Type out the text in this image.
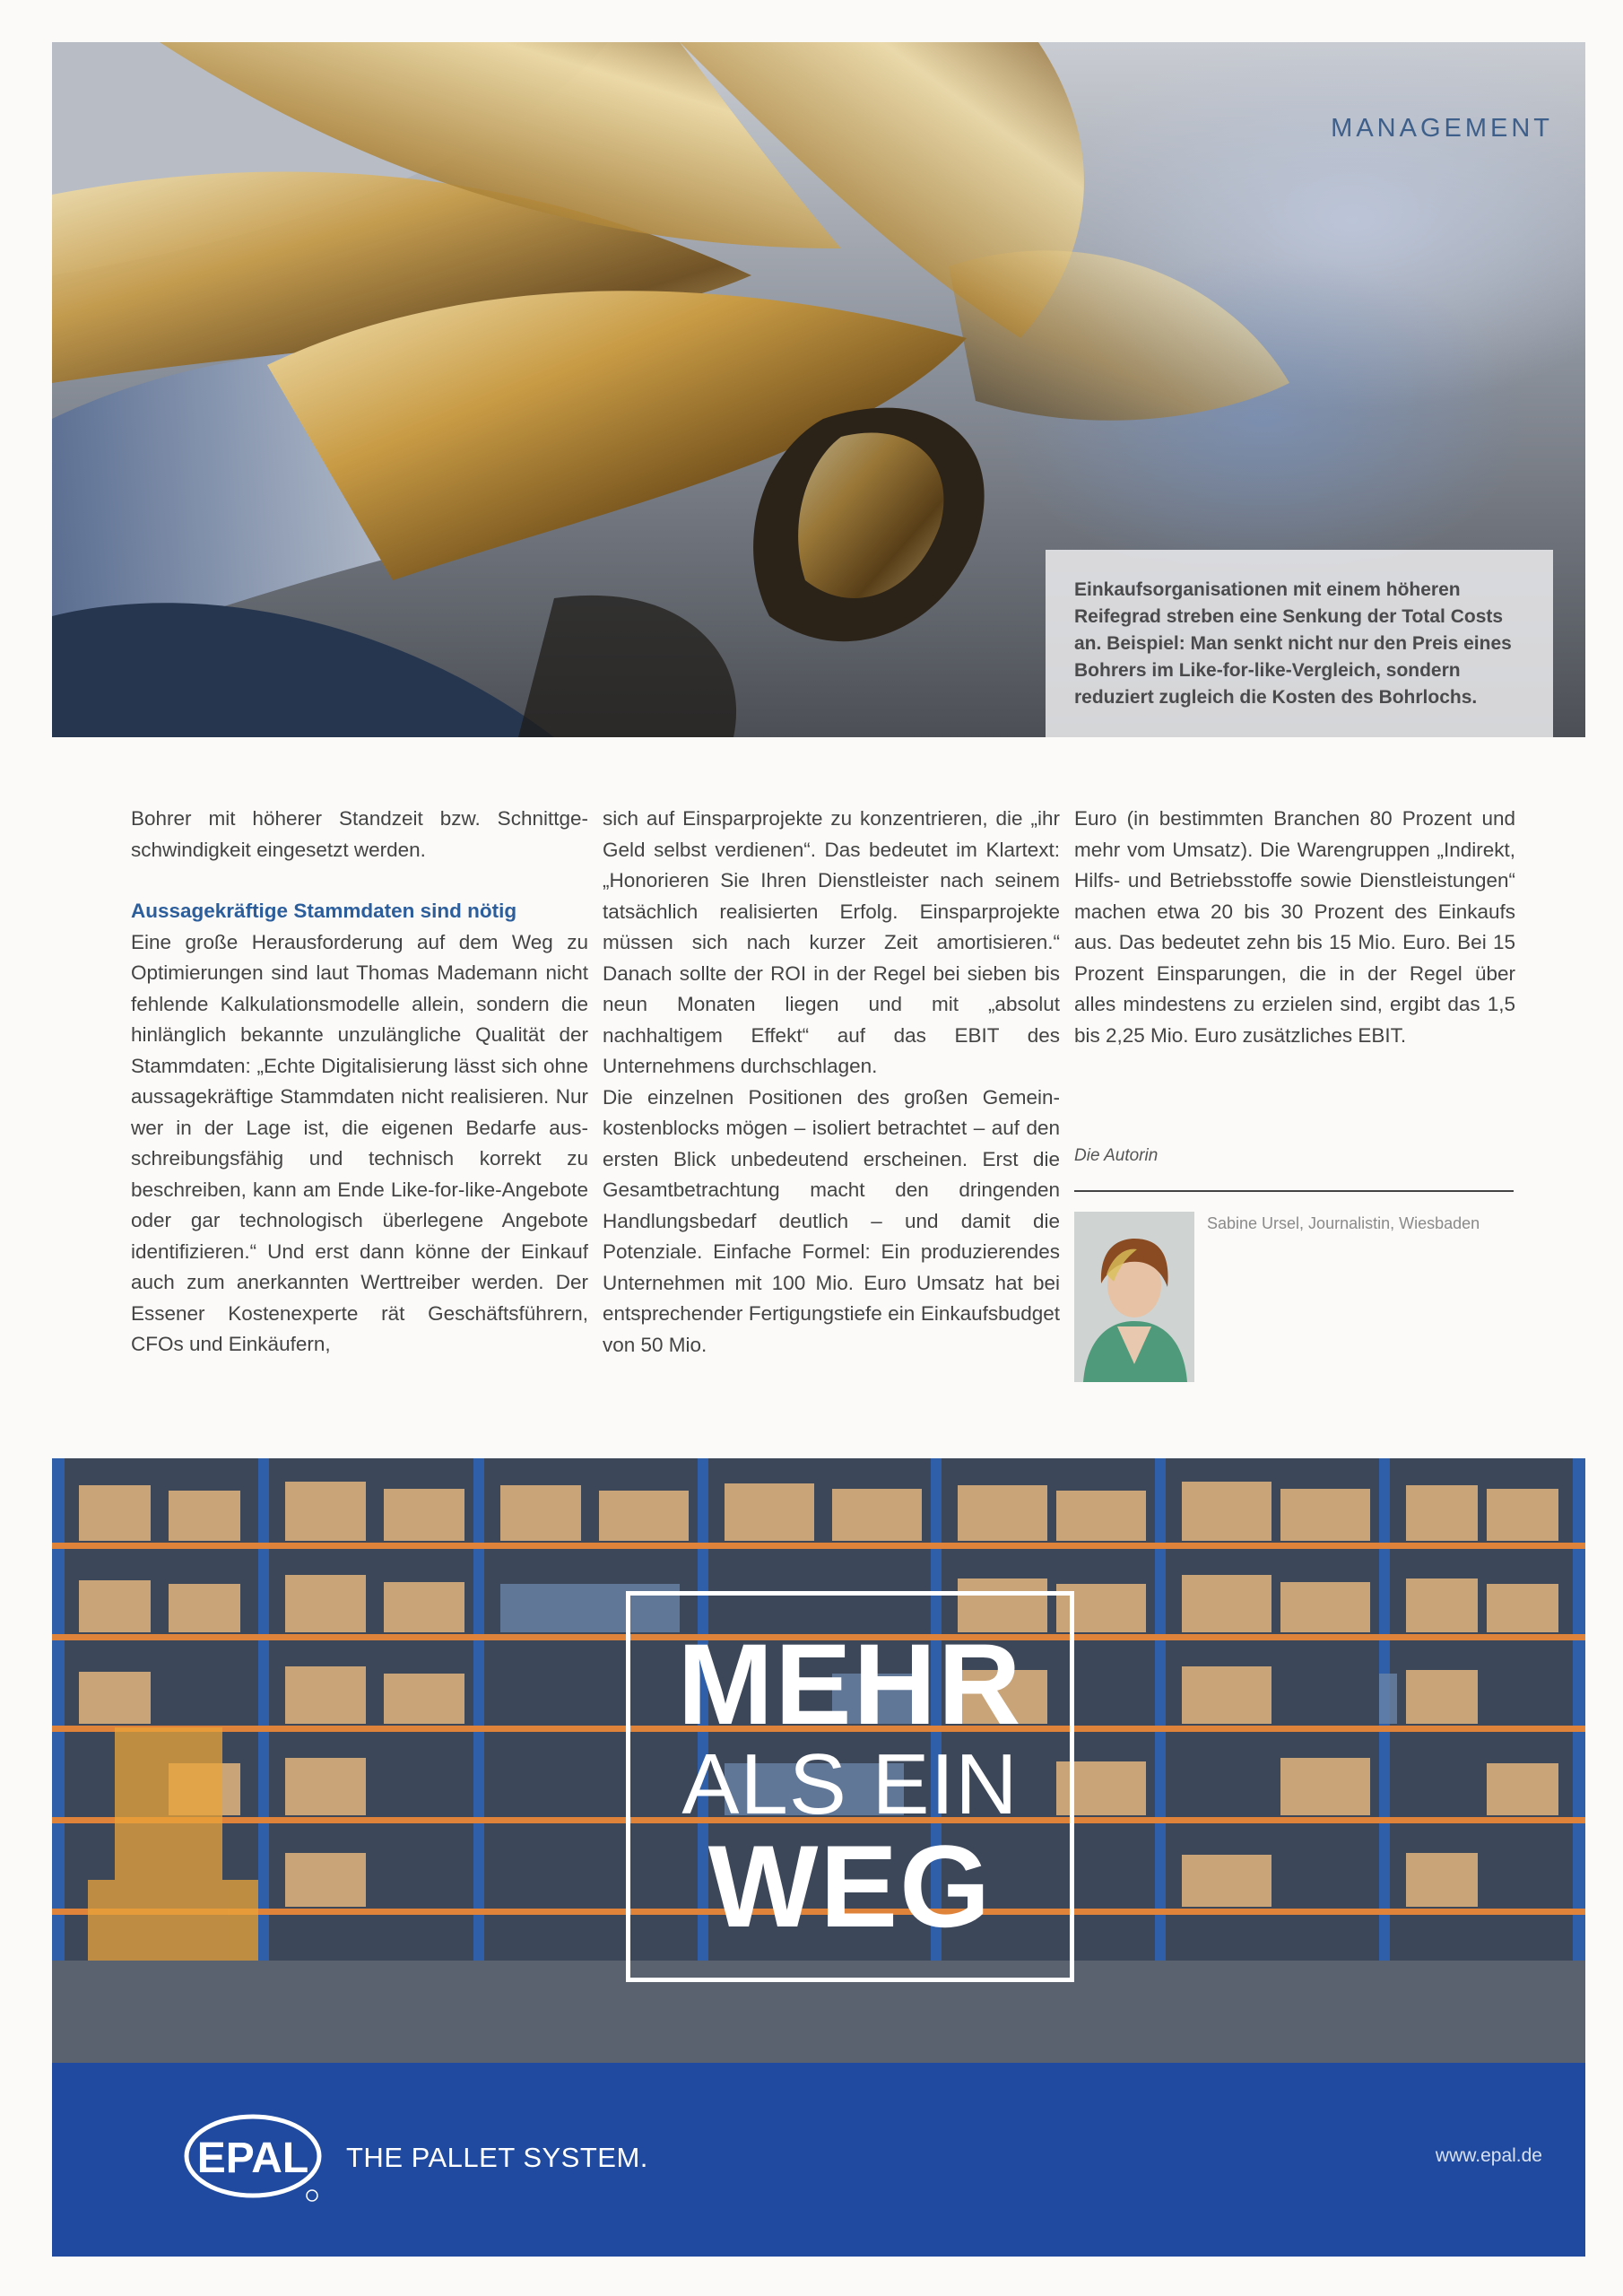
MANAGEMENT
Einkaufsorganisationen mit einem höheren Reifegrad streben eine Senkung der Total Costs an. Beispiel: Man senkt nicht nur den Preis eines Bohrers im Like-for-like-Vergleich, sondern reduziert zugleich die Kosten des Bohrlochs.

Bohrer mit höherer Standzeit bzw. Schnittgeschwindigkeit eingesetzt werden.

Aussagekräftige Stammdaten sind nötig

Eine große Herausforderung auf dem Weg zu Optimierungen sind laut Thomas Mademann nicht fehlende Kalkulationsmodelle allein, sondern die hinlänglich bekannte unzulängliche Qualität der Stammdaten: „Echte Digitalisierung lässt sich ohne aussagekräftige Stammdaten nicht realisieren. Nur wer in der Lage ist, die eigenen Bedarfe ausschreibungsfähig und technisch korrekt zu beschreiben, kann am Ende Like-for-like-Angebote oder gar technologisch überlegene Angebote identifizieren.“ Und erst dann könne der Einkauf auch zum anerkannten Werttreiber werden. Der Essener Kostenexperte rät Geschäftsführern, CFOs und Einkäufern,

sich auf Einsparprojekte zu konzentrieren, die „ihr Geld selbst verdienen“. Das bedeutet im Klartext: „Honorieren Sie Ihren Dienstleister nach seinem tatsächlich realisierten Erfolg. Einsparprojekte müssen sich nach kurzer Zeit amortisieren.“ Danach sollte der ROI in der Regel bei sieben bis neun Monaten liegen und mit „absolut nachhaltigem Effekt“ auf das EBIT des Unternehmens durchschlagen.

Die einzelnen Positionen des großen Gemeinkostenblocks mögen – isoliert betrachtet – auf den ersten Blick unbedeutend erscheinen. Erst die Gesamtbetrachtung macht den dringenden Handlungsbedarf deutlich – und damit die Potenziale. Einfache Formel: Ein produzierendes Unternehmen mit 100 Mio. Euro Umsatz hat bei entsprechender Fertigungstiefe ein Einkaufsbudget von 50 Mio.

Euro (in bestimmten Branchen 80 Prozent und mehr vom Umsatz). Die Warengruppen „Indirekt, Hilfs- und Betriebsstoffe sowie Dienstleistungen“ machen etwa 20 bis 30 Prozent des Einkaufs aus. Das bedeutet zehn bis 15 Mio. Euro. Bei 15 Prozent Einsparungen, die in der Regel über alles mindestens zu erzielen sind, ergibt das 1,5 bis 2,25 Mio. Euro zusätzliches EBIT.

Die Autorin
Sabine Ursel, Journalistin, Wiesbaden
MEHR
ALS EIN
WEG
EPAL THE PALLET SYSTEM.	www.epal.de
